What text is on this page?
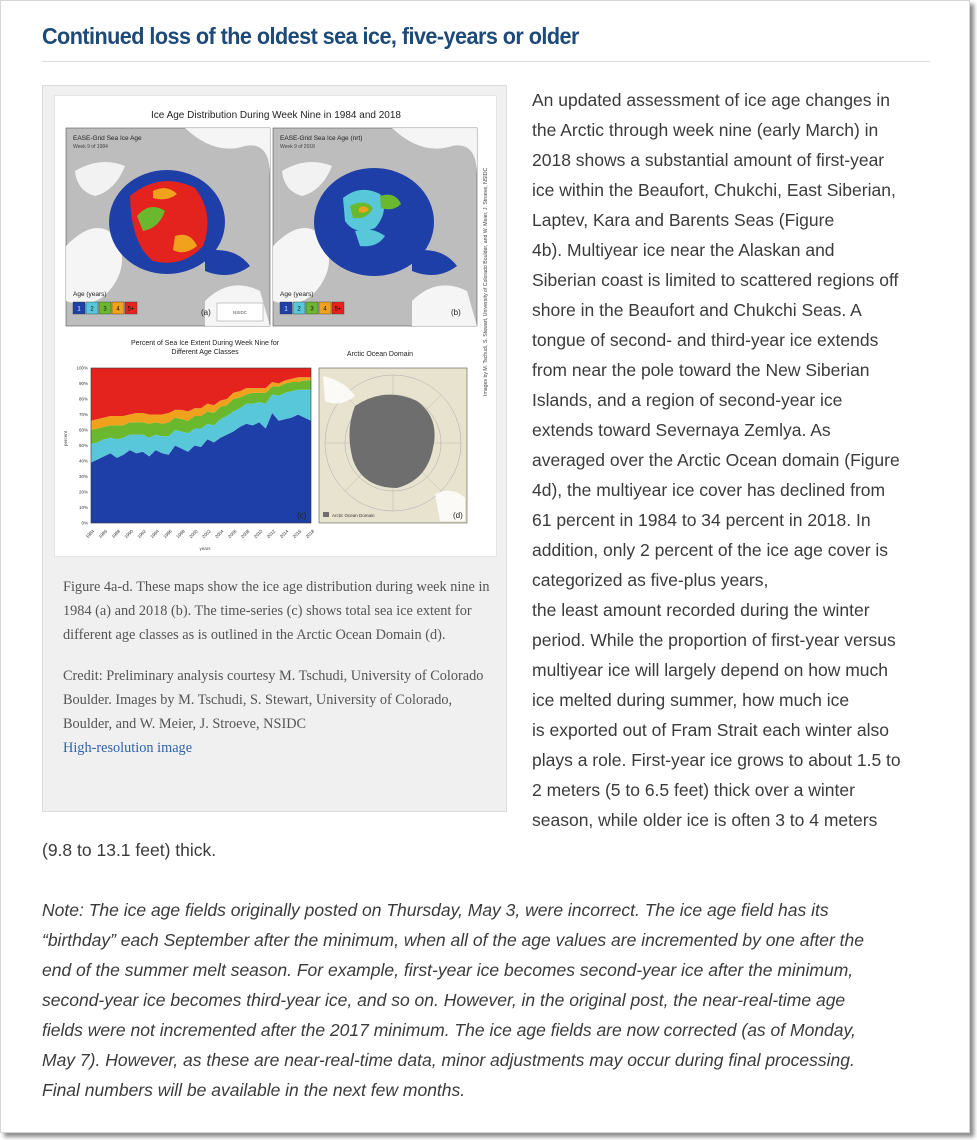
Continued loss of the oldest sea ice, five-years or older
Ice Age Distribution During Week Nine in 1984 and 2018
EASE-Grid Sea Ice Age
Week 9 of 1984
Age (years)
1 2 3 4 5+	(a)	NSIDC
EASE-Grid Sea Ice Age (nrt)
Week 9 of 2018
Age (years)
1 2 3 4 5+	(b)	Images by M. Tschudi, S. Stewart, University of Colorado Boulder, and W. Meier, J. Stroeve, NSIDC
Percent of Sea Ice Extent During Week Nine for
Different Age Classes
0%
10%
20%
30%
40%
50%
60%
70%
80%
90%
100%
1984 1986 1988 1990 1992 1994 1996 1998 2000 2002 2004 2006 2008 2010 2012 2014 2016 2018
percent
years
(c)
Arctic Ocean Domain
Arctic Ocean Domain	(d)

Figure 4a-d. These maps show the ice age distribution during week nine in 1984 (a) and 2018 (b). The time-series (c) shows total sea ice extent for different age classes as is outlined in the Arctic Ocean Domain (d).

Credit: Preliminary analysis courtesy M. Tschudi, University of Colorado Boulder. Images by M. Tschudi, S. Stewart, University of Colorado, Boulder, and W. Meier, J. Stroeve, NSIDC
High-resolution image

An updated assessment of ice age changes in
the Arctic through week nine (early March) in
2018 shows a substantial amount of first-year
ice within the Beaufort, Chukchi, East Siberian,
Laptev, Kara and Barents Seas (Figure
4b). Multiyear ice near the Alaskan and
Siberian coast is limited to scattered regions off
shore in the Beaufort and Chukchi Seas. A
tongue of second- and third-year ice extends
from near the pole toward the New Siberian
Islands, and a region of second-year ice
extends toward Severnaya Zemlya. As
averaged over the Arctic Ocean domain (Figure
4d), the multiyear ice cover has declined from
61 percent in 1984 to 34 percent in 2018. In
addition, only 2 percent of the ice age cover is
categorized as five-plus years,
the least amount recorded during the winter
period. While the proportion of first-year versus
multiyear ice will largely depend on how much
ice melted during summer, how much ice
is exported out of Fram Strait each winter also
plays a role. First-year ice grows to about 1.5 to
2 meters (5 to 6.5 feet) thick over a winter
season, while older ice is often 3 to 4 meters
(9.8 to 13.1 feet) thick.
Note: The ice age fields originally posted on Thursday, May 3, were incorrect. The ice age field has its
“birthday” each September after the minimum, when all of the age values are incremented by one after the
end of the summer melt season. For example, first-year ice becomes second-year ice after the minimum,
second-year ice becomes third-year ice, and so on. However, in the original post, the near-real-time age
fields were not incremented after the 2017 minimum. The ice age fields are now corrected (as of Monday,
May 7). However, as these are near-real-time data, minor adjustments may occur during final processing.
Final numbers will be available in the next few months.
